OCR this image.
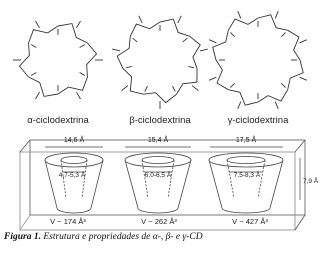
α-ciclodextrina	β-ciclodextrina	γ-ciclodextrina
14,6 Å	15,4 Å	17,5 Å
4,7-5,3 Å	6,0-6,5 Å	7,5-8,3 Å
7,9 Å
V ~ 174 Å³	V ~ 262 Å³	V ~ 427 Å³
Figura 1. Estrutura e propriedades de α-, β- e γ-CD
